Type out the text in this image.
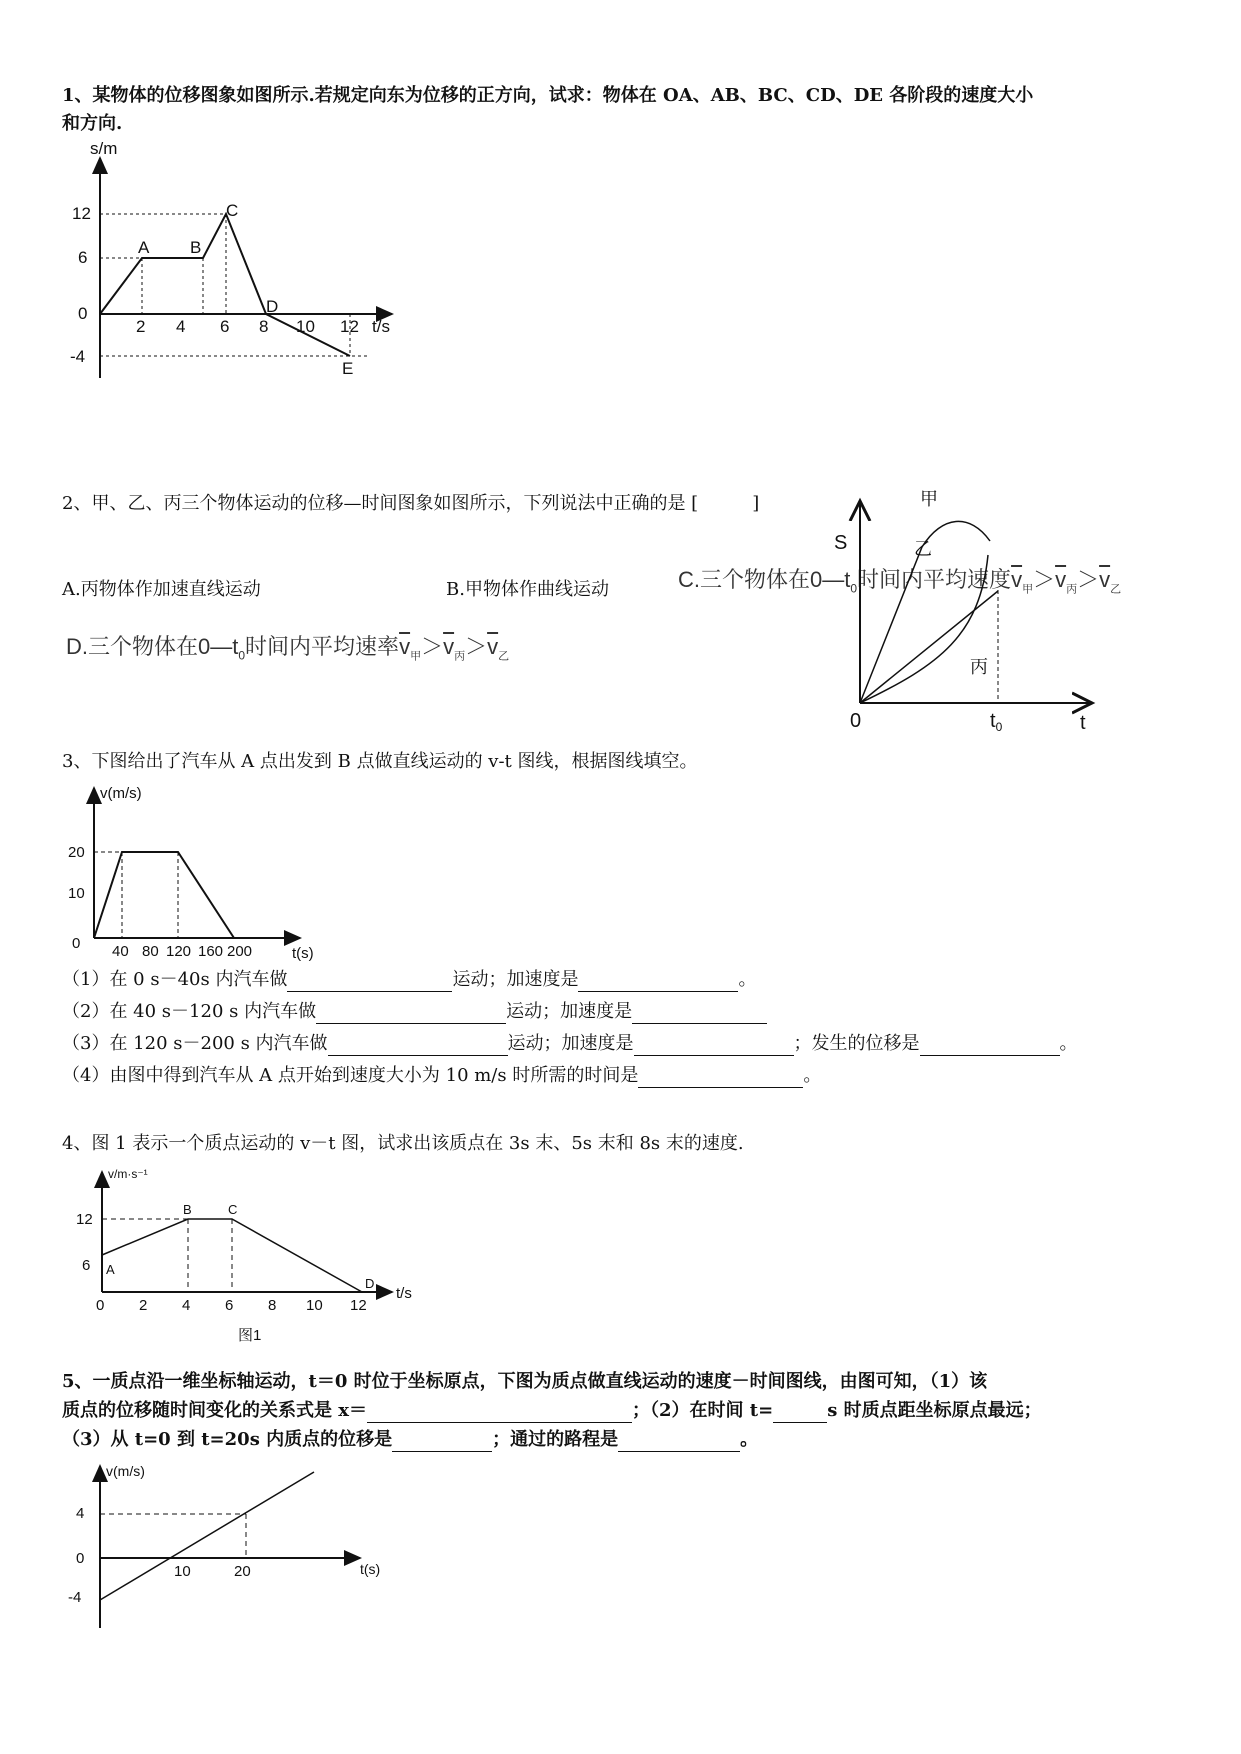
1、某物体的位移图象如图所示.若规定向东为位移的正方向，试求：物体在 OA、AB、BC、CD、DE 各阶段的速度大小
和方向.
s/m
t/s
12
6
0
-4
2 4 6 8 10 12
A B
C
D
E
2、甲、乙、丙三个物体运动的位移—时间图象如图所示，下列说法中正确的是 [　　　]
A.丙物体作加速直线运动	B.甲物体作曲线运动	C.三个物体在$0—t_0$时间内平均速度$\overline{v}_甲>\overline{v}_丙>\overline{v}_乙$
D.三个物体在$0—t_0$时间内平均速率$\overline{v}_甲>\overline{v}_丙>\overline{v}_乙$
S
0	t
$t_0$
甲
乙
丙
3、下图给出了汽车从 A 点出发到 B 点做直线运动的 v-t 图线，根据图线填空。
v(m/s)
t(s)
20
10
0 40 80 120 160 200
（1）在 0 s－40s 内汽车做	运动；加速度是	。
（2）在 40 s－120 s 内汽车做	运动；加速度是
（3）在 120 s－200 s 内汽车做	运动；加速度是	；发生的位移是	。
（4）由图中得到汽车从 A 点开始到速度大小为 10 m/s 时所需的时间是	。
4、图 1 表示一个质点运动的 v－t 图，试求出该质点在 3s 末、5s 末和 8s 末的速度.
v/m·s⁻¹
t/s
12
6
0 2 4 6 8 10 12
A
B	C
D
图1
5、一质点沿一维坐标轴运动，t＝0 时位于坐标原点，下图为质点做直线运动的速度－时间图线，由图可知，（1）该
质点的位移随时间变化的关系式是 x＝	；（2）在时间 t=	s 时质点距坐标原点最远；
（3）从 t=0 到 t=20s 内质点的位移是	；通过的路程是	。
v(m/s)
t(s)
4
0
-4
10	20
